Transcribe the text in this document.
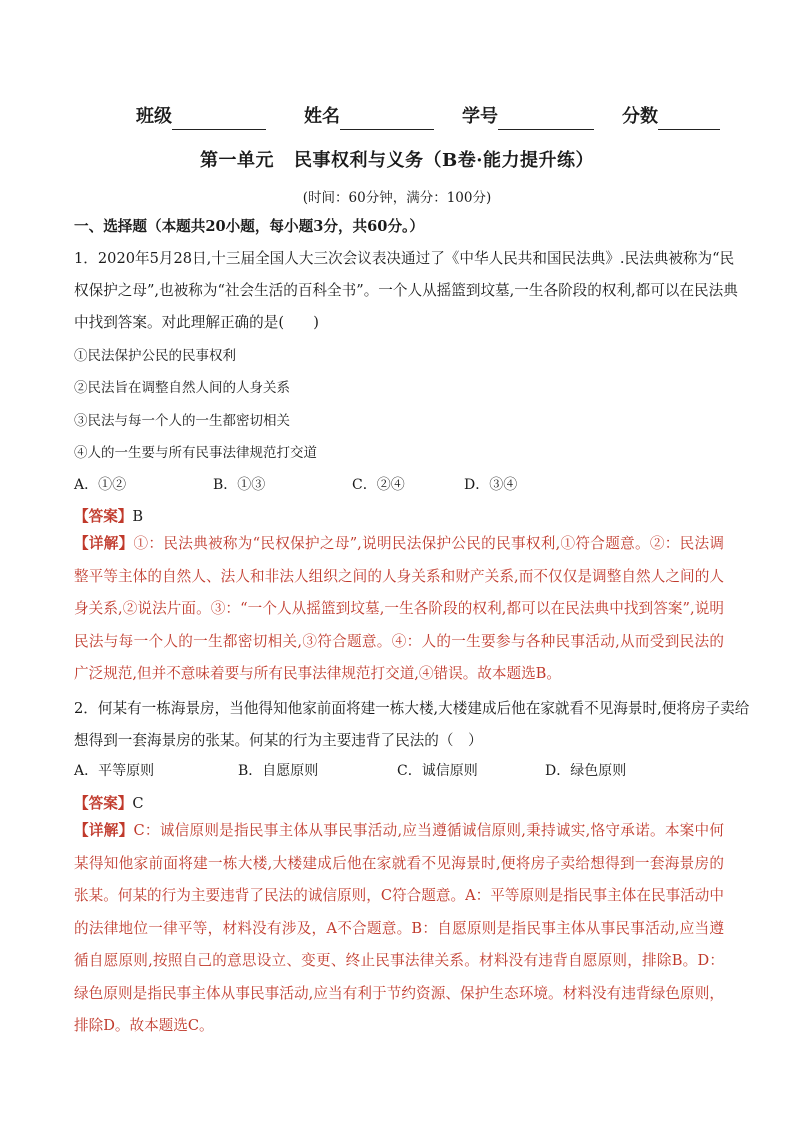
班级	姓名	学号	分数
第一单元 民事权利与义务（B卷·能力提升练）
(时间：60分钟，满分：100分)
一、选择题（本题共20小题，每小题3分，共60分。）
1．2020年5月28日,十三届全国人大三次会议表决通过了《中华人民共和国民法典》.民法典被称为“民
权保护之母”,也被称为“社会生活的百科全书”。一个人从摇篮到坟墓,一生各阶段的权利,都可以在民法典
中找到答案。对此理解正确的是(　　)
①民法保护公民的民事权利
②民法旨在调整自然人间的人身关系
③民法与每一个人的一生都密切相关
④人的一生要与所有民事法律规范打交道
A．①②	B．①③	C．②④	D．③④
【答案】B
【详解】①：民法典被称为“民权保护之母”,说明民法保护公民的民事权利,①符合题意。②：民法调整平等主体的自然人、法人和非法人组织之间的人身关系和财产关系,而不仅仅是调整自然人之间的人身关系,②说法片面。③：“一个人从摇篮到坟墓,一生各阶段的权利,都可以在民法典中找到答案”,说明民法与每一个人的一生都密切相关,③符合题意。④：人的一生要参与各种民事活动,从而受到民法的广泛规范,但并不意味着要与所有民事法律规范打交道,④错误。故本题选B。
2．何某有一栋海景房，当他得知他家前面将建一栋大楼,大楼建成后他在家就看不见海景时,便将房子卖给
想得到一套海景房的张某。何某的行为主要违背了民法的（　）
A．平等原则	B．自愿原则	C．诚信原则	D．绿色原则
【答案】C
【详解】C：诚信原则是指民事主体从事民事活动,应当遵循诚信原则,秉持诚实,恪守承诺。本案中何某得知他家前面将建一栋大楼,大楼建成后他在家就看不见海景时,便将房子卖给想得到一套海景房的张某。何某的行为主要违背了民法的诚信原则，C符合题意。A：平等原则是指民事主体在民事活动中的法律地位一律平等，材料没有涉及，A不合题意。B：自愿原则是指民事主体从事民事活动,应当遵循自愿原则,按照自己的意思设立、变更、终止民事法律关系。材料没有违背自愿原则，排除B。D：绿色原则是指民事主体从事民事活动,应当有利于节约资源、保护生态环境。材料没有违背绿色原则，排除D。故本题选C。
